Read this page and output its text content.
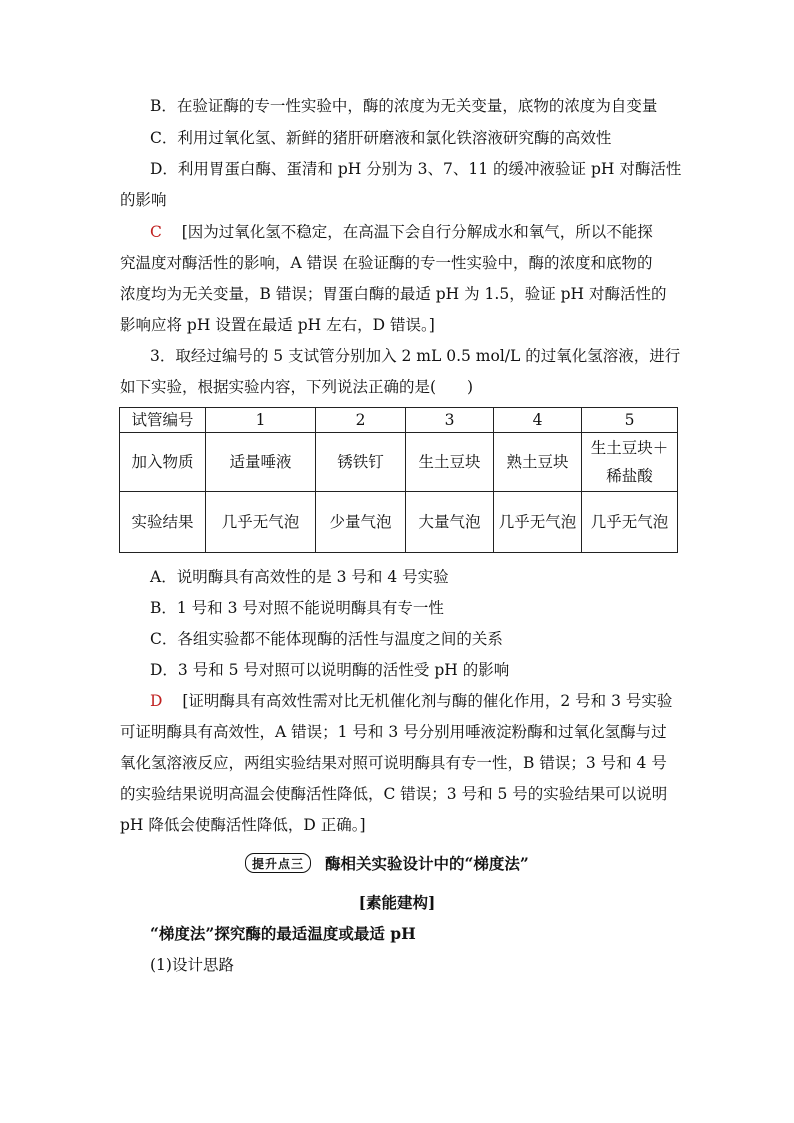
B．在验证酶的专一性实验中，酶的浓度为无关变量，底物的浓度为自变量
C．利用过氧化氢、新鲜的猪肝研磨液和氯化铁溶液研究酶的高效性
D．利用胃蛋白酶、蛋清和 pH 分别为 3、7、11 的缓冲液验证 pH 对酶活性
的影响
C [因为过氧化氢不稳定，在高温下会自行分解成水和氧气，所以不能探
究温度对酶活性的影响，A 错误 在验证酶的专一性实验中，酶的浓度和底物的
浓度均为无关变量，B 错误；胃蛋白酶的最适 pH 为 1.5，验证 pH 对酶活性的
影响应将 pH 设置在最适 pH 左右，D 错误。]
3．取经过编号的 5 支试管分别加入 2 mL 0.5 mol/L 的过氧化氢溶液，进行
如下实验，根据实验内容，下列说法正确的是(　　)
试管编号	1	2	3	4	5
加入物质	适量唾液	锈铁钉	生土豆块	熟土豆块	生土豆块＋稀盐酸
实验结果	几乎无气泡	少量气泡	大量气泡	几乎无气泡	几乎无气泡
A．说明酶具有高效性的是 3 号和 4 号实验
B．1 号和 3 号对照不能说明酶具有专一性
C．各组实验都不能体现酶的活性与温度之间的关系
D．3 号和 5 号对照可以说明酶的活性受 pH 的影响
D [证明酶具有高效性需对比无机催化剂与酶的催化作用，2 号和 3 号实验
可证明酶具有高效性，A 错误；1 号和 3 号分别用唾液淀粉酶和过氧化氢酶与过
氧化氢溶液反应，两组实验结果对照可说明酶具有专一性，B 错误；3 号和 4 号
的实验结果说明高温会使酶活性降低，C 错误；3 号和 5 号的实验结果可以说明
pH 降低会使酶活性降低，D 正确。]
提升点三	酶相关实验设计中的“梯度法”
[素能建构]
“梯度法”探究酶的最适温度或最适 pH
(1)设计思路
